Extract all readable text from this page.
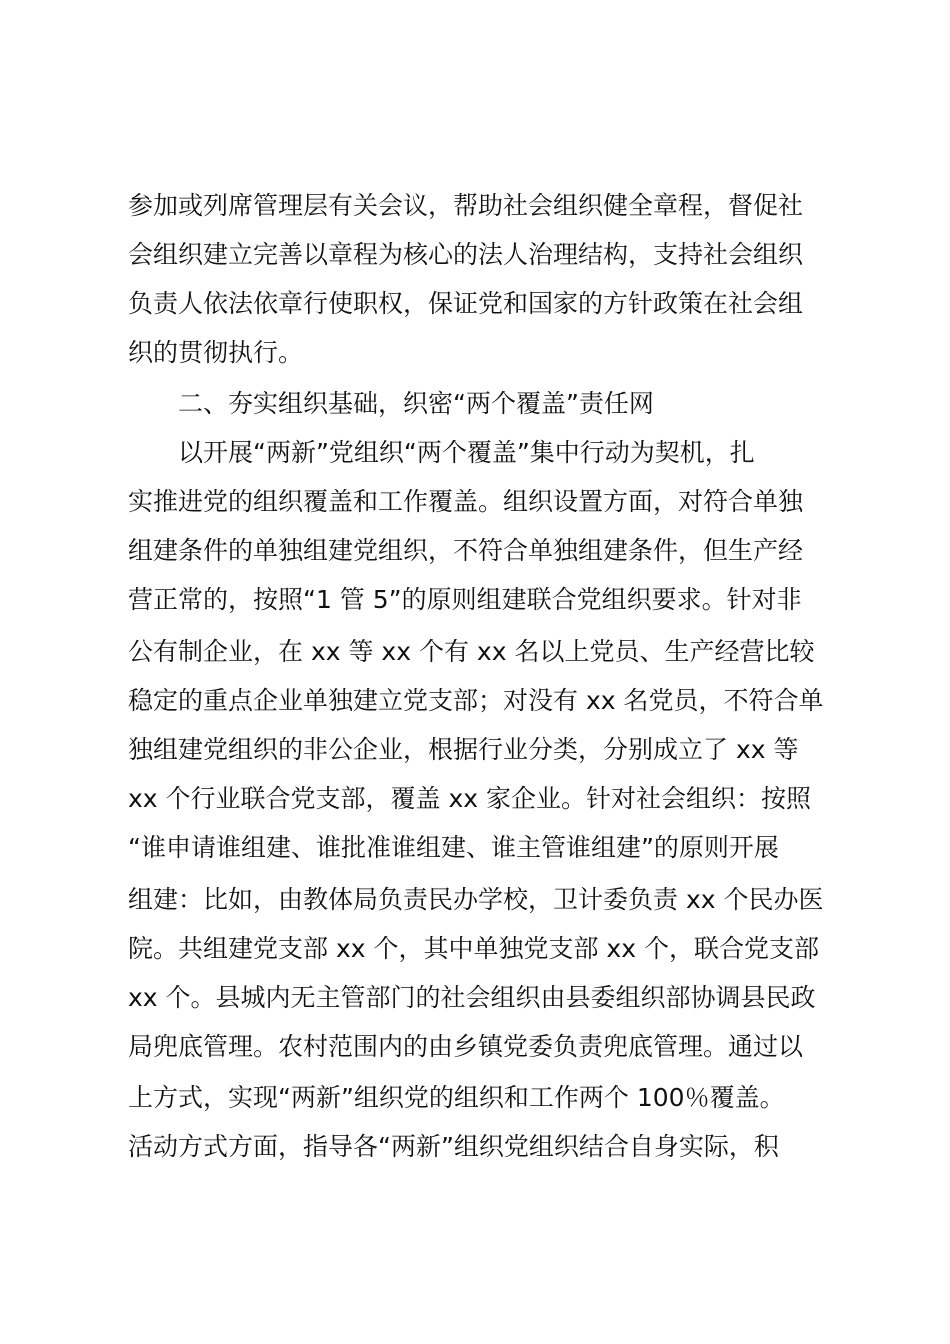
参加或列席管理层有关会议，帮助社会组织健全章程，督促社
会组织建立完善以章程为核心的法人治理结构，支持社会组织
负责人依法依章行使职权，保证党和国家的方针政策在社会组
织的贯彻执行。
二、夯实组织基础，织密“两个覆盖”责任网
以开展“两新”党组织“两个覆盖”集中行动为契机，扎
实推进党的组织覆盖和工作覆盖。组织设置方面，对符合单独
组建条件的单独组建党组织，不符合单独组建条件，但生产经
营正常的，按照“1 管 5”的原则组建联合党组织要求。针对非
公有制企业，在 xx 等 xx 个有 xx 名以上党员、生产经营比较
稳定的重点企业单独建立党支部；对没有 xx 名党员，不符合单
独组建党组织的非公企业，根据行业分类，分别成立了 xx 等
xx 个行业联合党支部，覆盖 xx 家企业。针对社会组织：按照
“谁申请谁组建、谁批准谁组建、谁主管谁组建”的原则开展
组建：比如，由教体局负责民办学校，卫计委负责 xx 个民办医
院。共组建党支部 xx 个，其中单独党支部 xx 个，联合党支部
xx 个。县城内无主管部门的社会组织由县委组织部协调县民政
局兜底管理。农村范围内的由乡镇党委负责兜底管理。通过以
上方式，实现“两新”组织党的组织和工作两个 100％覆盖。
活动方式方面，指导各“两新”组织党组织结合自身实际，积
